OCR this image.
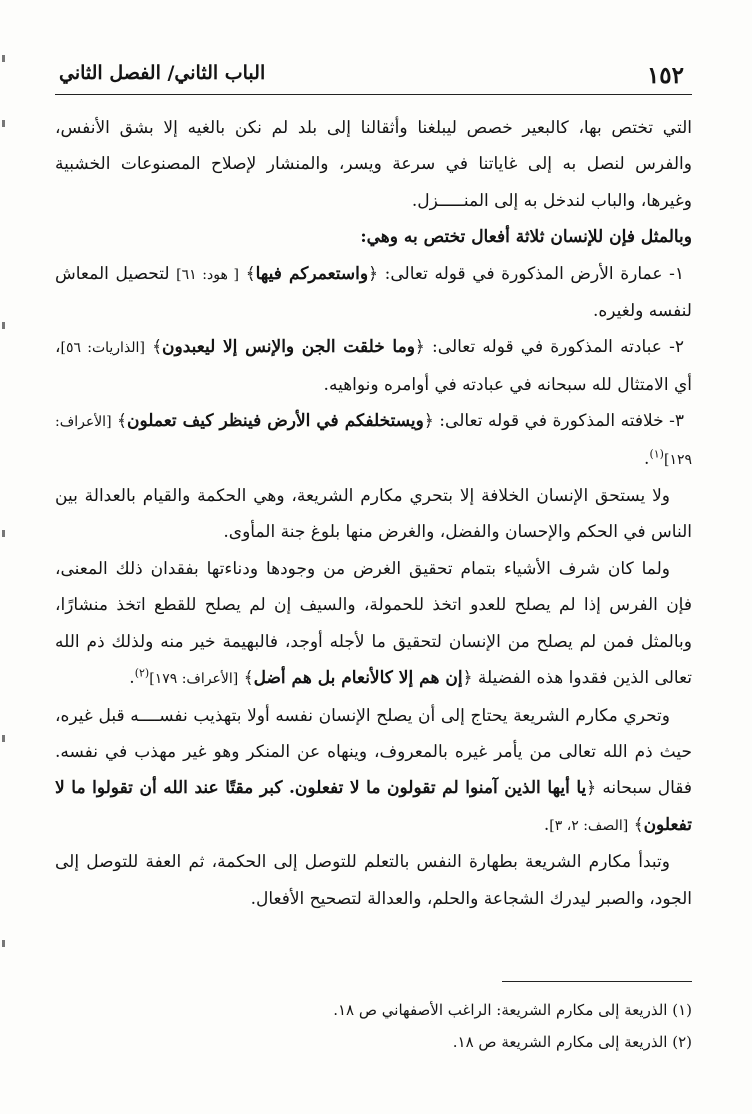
الباب الثاني/ الفصل الثاني	١٥٢

التي تختص بها، كالبعير خصص ليبلغنا وأثقالنا إلى بلد لم نكن بالغيه إلا بشق الأنفس، والفرس لنصل به إلى غاياتنا في سرعة ويسر، والمنشار لإصلاح المصنوعات الخشبية وغيرها، والباب لندخل به إلى المنـــــزل.

وبالمثل فإن للإنسان ثلاثة أفعال تختص به وهي:

١- عمارة الأرض المذكورة في قوله تعالى: ﴿واستعمركم فيها﴾ [ هود: ٦١] لتحصيل المعاش لنفسه ولغيره.

٢- عبادته المذكورة في قوله تعالى: ﴿وما خلقت الجن والإنس إلا ليعبدون﴾ [الذاريات: ٥٦]، أي الامتثال لله سبحانه في عبادته في أوامره ونواهيه.

٣- خلافته المذكورة في قوله تعالى: ﴿ويستخلفكم في الأرض فينظر كيف تعملون﴾ [الأعراف: ١٢٩]$^{(١)}$.

ولا يستحق الإنسان الخلافة إلا بتحري مكارم الشريعة، وهي الحكمة والقيام بالعدالة بين الناس في الحكم والإحسان والفضل، والغرض منها بلوغ جنة المأوى.

ولما كان شرف الأشياء بتمام تحقيق الغرض من وجودها ودناءتها بفقدان ذلك المعنى، فإن الفرس إذا لم يصلح للعدو اتخذ للحمولة، والسيف إن لم يصلح للقطع اتخذ منشارًا، وبالمثل فمن لم يصلح من الإنسان لتحقيق ما لأجله أوجد، فالبهيمة خير منه ولذلك ذم الله تعالى الذين فقدوا هذه الفضيلة ﴿إن هم إلا كالأنعام بل هم أضل﴾ [الأعراف: ١٧٩]$^{(٢)}$.

وتحري مكارم الشريعة يحتاج إلى أن يصلح الإنسان نفسه أولا بتهذيب نفســــه قبل غيره، حيث ذم الله تعالى من يأمر غيره بالمعروف، وينهاه عن المنكر وهو غير مهذب في نفسه. فقال سبحانه ﴿يا أيها الذين آمنوا لم تقولون ما لا تفعلون. كبر مقتًا عند الله أن تقولوا ما لا تفعلون﴾ [الصف: ٢، ٣].

وتبدأ مكارم الشريعة بطهارة النفس بالتعلم للتوصل إلى الحكمة، ثم العفة للتوصل إلى الجود، والصبر ليدرك الشجاعة والحلم، والعدالة لتصحيح الأفعال.

(١) الذريعة إلى مكارم الشريعة: الراغب الأصفهاني ص ١٨.

(٢) الذريعة إلى مكارم الشريعة ص ١٨.
